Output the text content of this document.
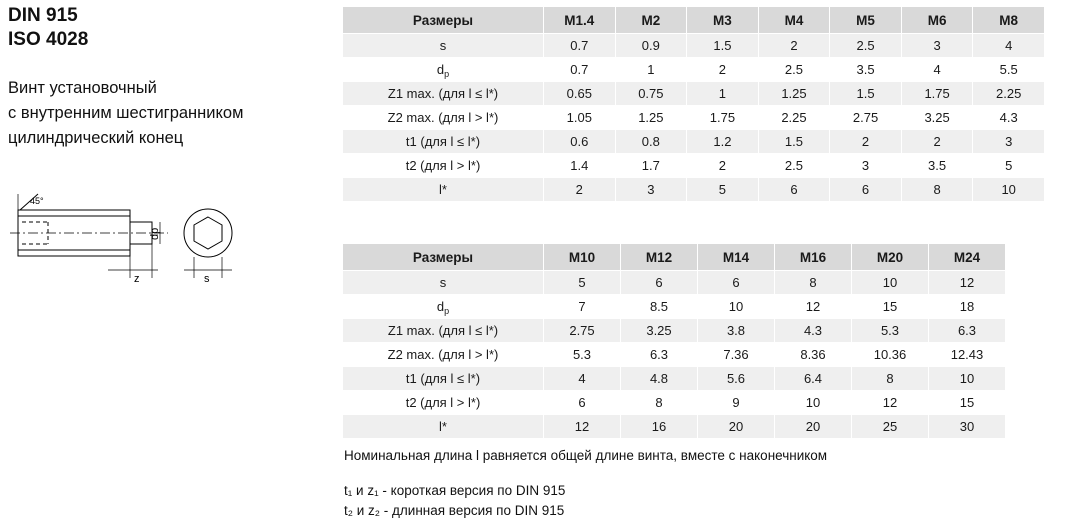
DIN 915
ISO 4028
Винт установочный
с внутренним шестигранником
цилиндрический конец
45°
z
dp
s
Размеры	M1.4	M2	M3	M4	M5	M6	M8	
s	0.7	0.9	1.5	2	2.5	3	4	
$d_p$	0.7	1	2	2.5	3.5	4	5.5	
Z1 max. (для l ≤ l*)	0.65	0.75	1	1.25	1.5	1.75	2.25	
Z2 max. (для l > l*)	1.05	1.25	1.75	2.25	2.75	3.25	4.3	
t1 (для l ≤ l*)	0.6	0.8	1.2	1.5	2	2	3	
t2 (для l > l*)	1.4	1.7	2	2.5	3	3.5	5	
l*	2	3	5	6	6	8	10	
Размеры	M10	M12	M14	M16	M20	M24		
s	5	6	6	8	10	12		
$d_p$	7	8.5	10	12	15	18		
Z1 max. (для l ≤ l*)	2.75	3.25	3.8	4.3	5.3	6.3		
Z2 max. (для l > l*)	5.3	6.3	7.36	8.36	10.36	12.43		
t1 (для l ≤ l*)	4	4.8	5.6	6.4	8	10		
t2 (для l > l*)	6	8	9	10	12	15		
l*	12	16	20	20	25	30		
Номинальная длина l равняется общей длине винта, вместе с наконечником
t₁ и z₁ - короткая версия по DIN 915
t₂ и z₂ - длинная версия по DIN 915
